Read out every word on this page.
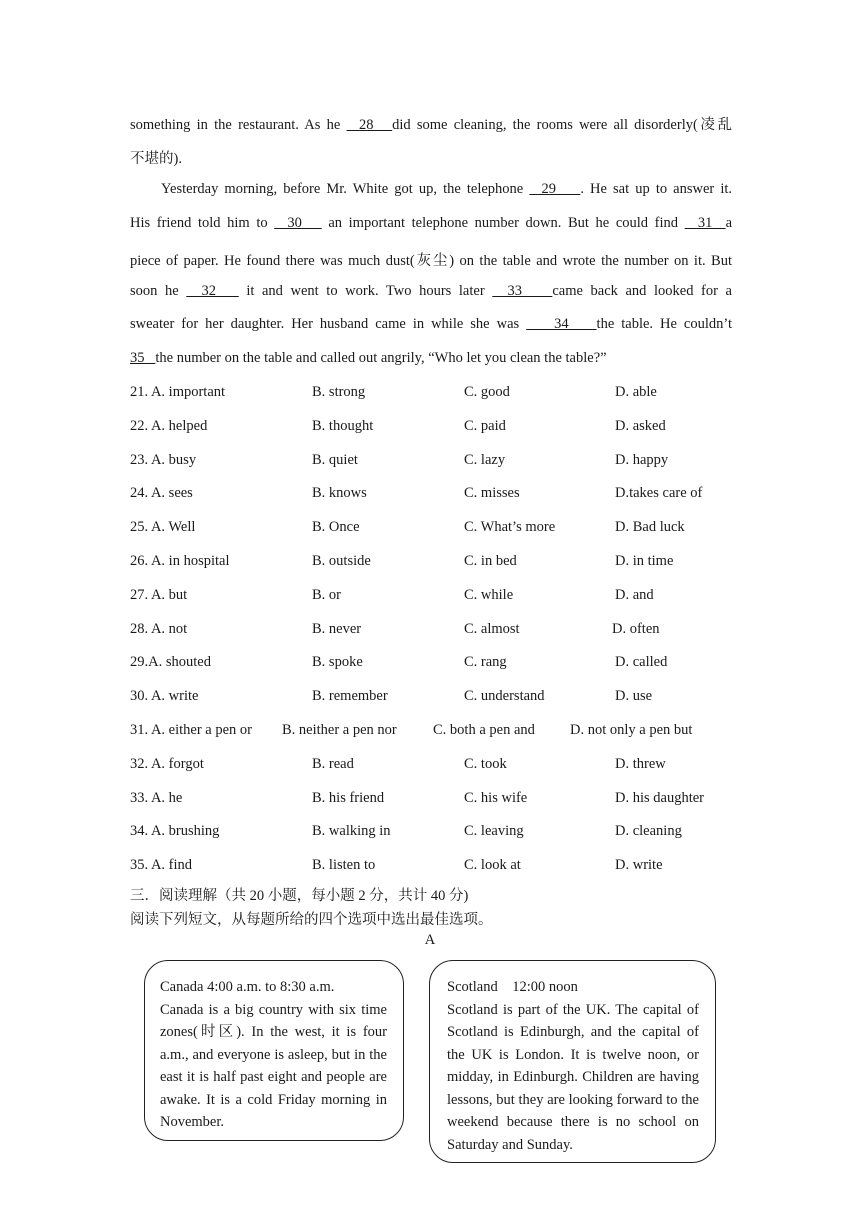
something in the restaurant. As he   28   did some cleaning, the rooms were all disorderly(凌乱
不堪的).
Yesterday morning, before Mr. White got up, the telephone   29    . He sat up to answer it.
His friend told him to   30    an important telephone number down. But he could find   31  a
piece of paper. He found there was much dust(灰尘) on the table and wrote the number on it. But
soon he   32    it and went to work. Two hours later   33    came back and looked for a
sweater for her daughter. Her husband came in while she was     34    the table. He couldn’t
35   the number on the table and called out angrily, “Who let you clean the table?”
21. A. important	B. strong	C. good	D. able
22. A. helped	B. thought	C. paid	D. asked
23. A. busy	B. quiet	C. lazy	D. happy
24. A. sees	B. knows	C. misses	D.takes care of
25. A. Well	B. Once	C. What’s more	D. Bad luck
26. A. in hospital	B. outside	C. in bed	D. in time
27. A. but	B. or	C. while	D. and
28. A. not	B. never	C. almost	D. often
29.A. shouted	B. spoke	C. rang	D. called
30. A. write	B. remember	C. understand	D. use
31. A. either a pen or B. neither a pen nor C. both a pen and D. not only a pen but
32. A. forgot	B. read	C. took	D. threw
33. A. he	B. his friend	C. his wife	D. his daughter
34. A. brushing	B. walking in	C. leaving	D. cleaning
35. A. find	B. listen to	C. look at	D. write
三．阅读理解（共 20 小题，每小题 2 分，共计 40 分)
阅读下列短文，从每题所给的四个选项中选出最佳选项。
A
Canada 4:00 a.m. to 8:30 a.m.
Canada is a big country with six time zones(时区). In the west, it is four a.m., and everyone is asleep, but in the east it is half past eight and people are awake. It is a cold Friday morning in November.
Scotland    12:00 noon
Scotland is part of the UK. The capital of Scotland is Edinburgh, and the capital of the UK is London. It is twelve noon, or midday, in Edinburgh. Children are having lessons, but they are looking forward to the weekend because there is no school on Saturday and Sunday.
